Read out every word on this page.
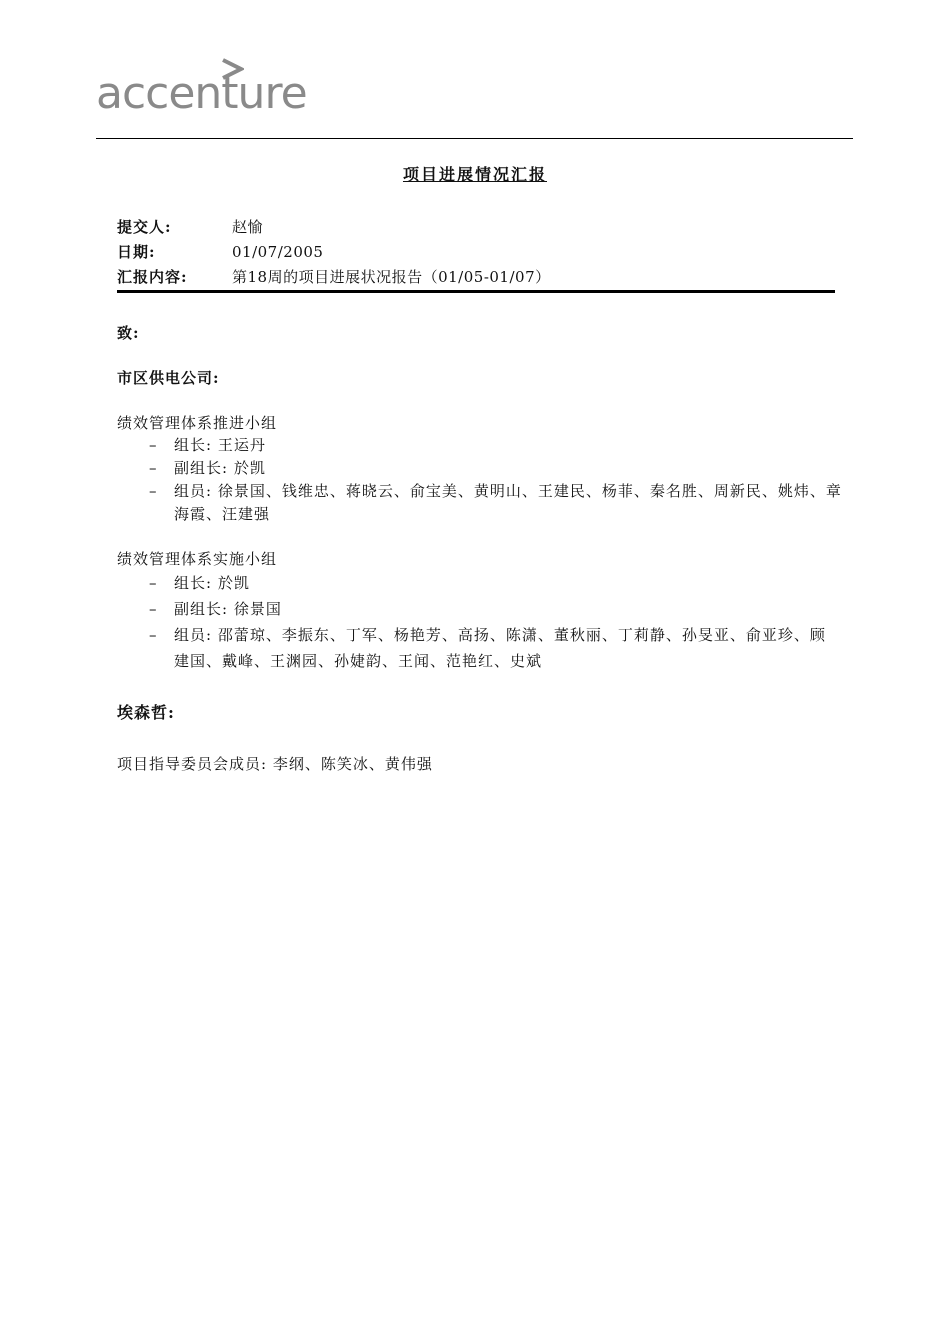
accenture
项目进展情况汇报
提交人:	赵愉
日期:	01/07/2005
汇报内容:	第18周的项目进展状况报告（01/05-01/07）
致:
市区供电公司:
绩效管理体系推进小组
– 组长: 王运丹
– 副组长: 於凯
– 组员: 徐景国、钱维忠、蒋晓云、俞宝美、黄明山、王建民、杨菲、秦名胜、周新民、姚炜、章海霞、汪建强
绩效管理体系实施小组
– 组长: 於凯
– 副组长: 徐景国
– 组员: 邵蕾琼、李振东、丁军、杨艳芳、高扬、陈潇、董秋丽、丁莉静、孙旻亚、俞亚珍、顾建国、戴峰、王渊园、孙婕韵、王闻、范艳红、史斌
埃森哲:
项目指导委员会成员: 李纲、陈笑冰、黄伟强
